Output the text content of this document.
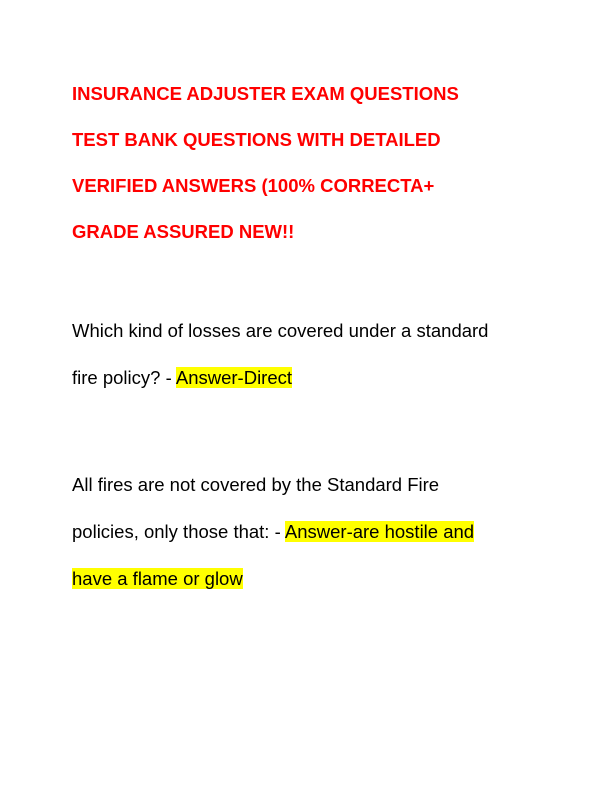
INSURANCE ADJUSTER EXAM QUESTIONS
TEST BANK QUESTIONS WITH DETAILED
VERIFIED ANSWERS (100% CORRECTA+
GRADE ASSURED NEW!!
Which kind of losses are covered under a standard
fire policy? - Answer-Direct
All fires are not covered by the Standard Fire
policies, only those that: - Answer-are hostile and
have a flame or glow
